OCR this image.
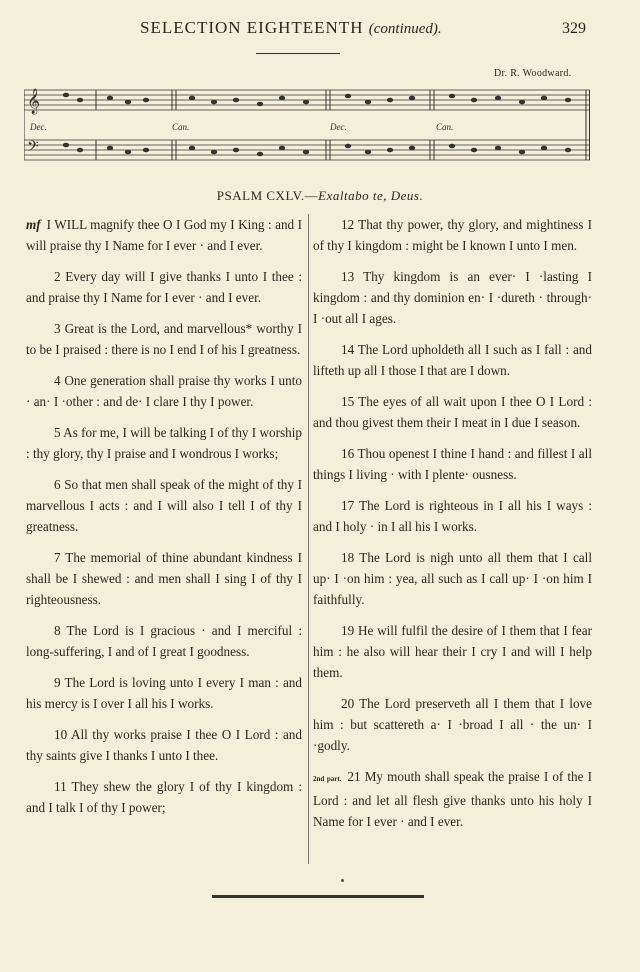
SELECTION EIGHTEENTH (continued).	329
Dr. R. Woodward.
𝄞
𝄢
Dec.	Can.	Dec.	Can.
PSALM CXLV.—Exaltabo te, Deus.

mf I WILL magnify thee O I God my I King : and I will praise thy I Name for I ever · and I ever.

2 Every day will I give thanks I unto I thee : and praise thy I Name for I ever · and I ever.

3 Great is the Lord, and marvellous* worthy I to be I praised : there is no I end I of his I greatness.

4 One generation shall praise thy works I unto · an· I ·other : and de· I clare I thy I power.

5 As for me, I will be talking I of thy I worship : thy glory, thy I praise and I wondrous I works;

6 So that men shall speak of the might of thy I marvellous I acts : and I will also I tell I of thy I greatness.

7 The memorial of thine abundant kindness I shall be I shewed : and men shall I sing I of thy I righteousness.

8 The Lord is I gracious · and I merciful : long-suffering, I and of I great I goodness.

9 The Lord is loving unto I every I man : and his mercy is I over I all his I works.

10 All thy works praise I thee O I Lord : and thy saints give I thanks I unto I thee.

11 They shew the glory I of thy I kingdom : and I talk I of thy I power;

12 That thy power, thy glory, and mightiness I of thy I kingdom : might be I known I unto I men.

13 Thy kingdom is an ever· I ·lasting I kingdom : and thy dominion en· I ·dureth · through· I ·out all I ages.

14 The Lord upholdeth all I such as I fall : and lifteth up all I those I that are I down.

15 The eyes of all wait upon I thee O I Lord : and thou givest them their I meat in I due I season.

16 Thou openest I thine I hand : and fillest I all things I living · with I plente· ousness.

17 The Lord is righteous in I all his I ways : and I holy · in I all his I works.

18 The Lord is nigh unto all them that I call up· I ·on him : yea, all such as I call up· I ·on him I faithfully.

19 He will fulfil the desire of I them that I fear him : he also will hear their I cry I and will I help them.

20 The Lord preserveth all I them that I love him : but scattereth a· I ·broad I all · the un· I ·godly.

2nd part. 21 My mouth shall speak the praise I of the I Lord : and let all flesh give thanks unto his holy I Name for I ever · and I ever.
